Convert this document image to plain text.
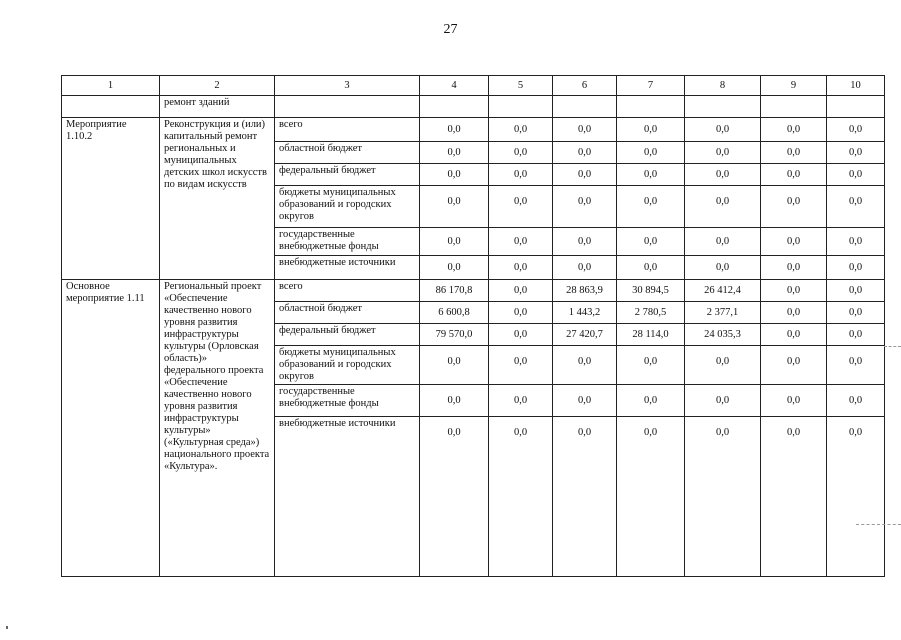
27
1	2	3	4	5	6	7	8	9	10
	ремонт зданий								
Мероприятие 1.10.2	Реконструкция и (или) капитальный ремонт региональных и муниципальных детских школ искусств по видам искусств	всего	0,0	0,0	0,0	0,0	0,0	0,0	0,0
		областной бюджет	0,0	0,0	0,0	0,0	0,0	0,0	0,0
		федеральный бюджет	0,0	0,0	0,0	0,0	0,0	0,0	0,0
		бюджеты муниципальных образований и городских округов	0,0	0,0	0,0	0,0	0,0	0,0	0,0
		государственные внебюджетные фонды	0,0	0,0	0,0	0,0	0,0	0,0	0,0
		внебюджетные источники	0,0	0,0	0,0	0,0	0,0	0,0	0,0
Основное мероприятие 1.11	Региональный проект «Обеспечение качественно нового уровня развития инфраструктуры культуры (Орловская область)» федерального проекта «Обеспечение качественно нового уровня развития инфраструктуры культуры» («Культурная среда») национального проекта «Культура».	всего	86 170,8	0,0	28 863,9	30 894,5	26 412,4	0,0	0,0
		областной бюджет	6 600,8	0,0	1 443,2	2 780,5	2 377,1	0,0	0,0
		федеральный бюджет	79 570,0	0,0	27 420,7	28 114,0	24 035,3	0,0	0,0
		бюджеты муниципальных образований и городских округов	0,0	0,0	0,0	0,0	0,0	0,0	0,0
		государственные внебюджетные фонды	0,0	0,0	0,0	0,0	0,0	0,0	0,0
		внебюджетные источники	0,0	0,0	0,0	0,0	0,0	0,0	0,0
